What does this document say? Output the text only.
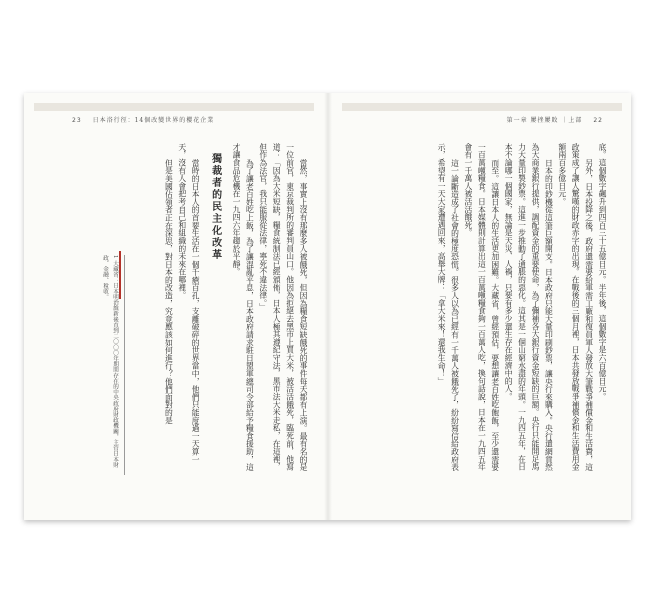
23 日本浴行徑：14個改變世界的櫻花企業	第一章 屢挫屢敗 ｜上部 22

底。這個數字飆升到四百三十五億日元。半年後，這個數字是六百億日元。

另外，日本投降之後，政府還需要給軍需工廠和復員軍人發放大筆戰爭補償金和生活費，這政策成了讓人驚嘆的財政赤字的出現。在戰後的三個月裡，日本共發放戰爭補償金和生活費用金額兩百多億日元。

日本的印鈔機從這筆巨額開支。日本政府只能大量印刷鈔票，讓央行來購入。央行還網貨然為大商業銀行提供，調配資金的重要使命，為了彌補各大銀行資金短缺的巨額。央行只能開足馬力大量印製鈔票。這進一步推動了通脹的惡化。這其是一個山窮水盡的年頭。一九四五年，在日本不論哪一個國家，無論是天災、人禍，只要有多少還生存在經濟中的人。

而至。這讓日本人的生活更加困難。大藏省，曾經預估，要想讓老百姓吃飽飯，至少還需要一百萬噸糧食。日本媒體則計算出這一百萬噸糧食夠一百萬人吃，換句話說，日本在一九四五年會有一千萬人被活活餓死。

這一論斷造成了社會的極度恐慌。很多人以為已經有一千萬人被餓死了，紛紛寫信給政府表示，希望有一天大家遭遇回來，高舉大牌：「拿大米來！還我生命！」

當然，事實上沒有那麼多人被餓死，但因為糧食短缺餓死的事件每天都有上演。最有名的是一位前官，東京裁判所的審判員山口。他因為拒絕去黑市上買大米，被活活餓死，臨死前，他寫道：「因為大米短缺，糧食統制法已經頒佈，日本人極其遵紀守法，黑市法大米走私，在這裡，但作為法官，我只能服從法律，寧死不違法律。」

為了讓老百姓吃上飯，為了讓混亂平息，日本政府請求駐日盟軍總司令部給予糧食援助，這才讓食品危機在一九四六年趨於平靜。

獨裁者的民主化改革

當時的日本人的首要生活在一個千瘡百孔，支離破碎的世界當中，他們只能度過一天算一天，沒有人會把考自己和組織的未來在哪裡。

但是美國佔領者正在深思，對日本的改造，究竟應該如何進行？他們面對的是

1 大藏省：日本明治維新後直到二〇〇〇年期間存在的中央政府財政機關，主管日本財政、金融、稅收。
